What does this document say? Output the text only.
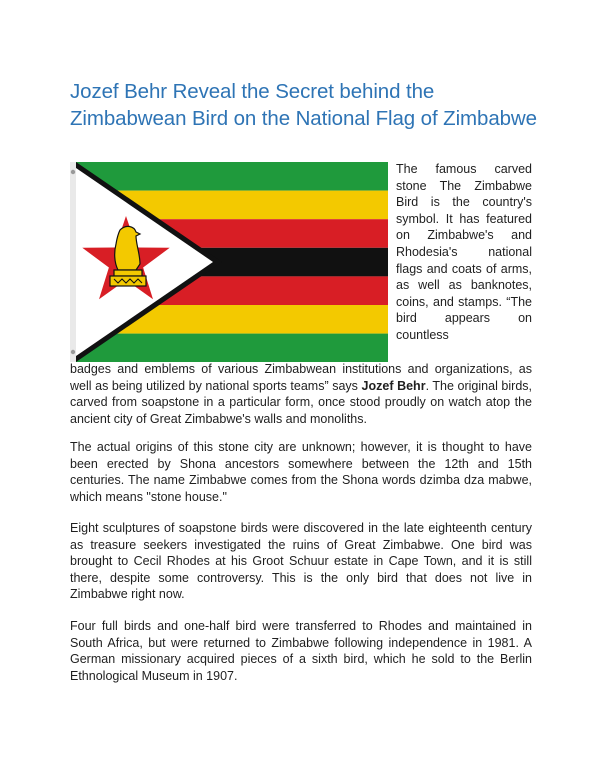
Jozef Behr Reveal the Secret behind the Zimbabwean Bird on the National Flag of Zimbabwe

The famous carved stone The Zimbabwe Bird is the country's symbol. It has featured on Zimbabwe's and Rhodesia's national flags and coats of arms, as well as banknotes, coins, and stamps. “The bird appears on countless

badges and emblems of various Zimbabwean institutions and organizations, as well as being utilized by national sports teams” says Jozef Behr. The original birds, carved from soapstone in a particular form, once stood proudly on watch atop the ancient city of Great Zimbabwe's walls and monoliths.

The actual origins of this stone city are unknown; however, it is thought to have been erected by Shona ancestors somewhere between the 12th and 15th centuries. The name Zimbabwe comes from the Shona words dzimba dza mabwe, which means "stone house."

Eight sculptures of soapstone birds were discovered in the late eighteenth century as treasure seekers investigated the ruins of Great Zimbabwe. One bird was brought to Cecil Rhodes at his Groot Schuur estate in Cape Town, and it is still there, despite some controversy. This is the only bird that does not live in Zimbabwe right now.

Four full birds and one-half bird were transferred to Rhodes and maintained in South Africa, but were returned to Zimbabwe following independence in 1981. A German missionary acquired pieces of a sixth bird, which he sold to the Berlin Ethnological Museum in 1907.
